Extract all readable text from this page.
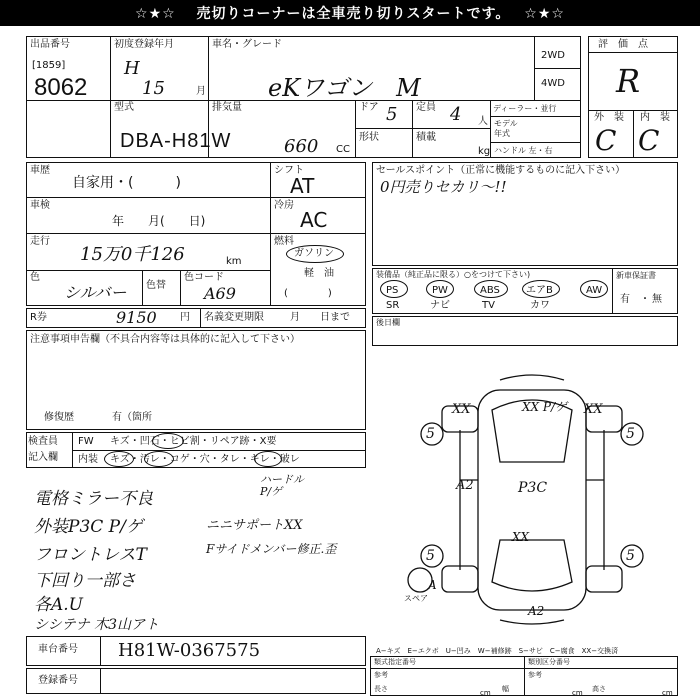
☆★☆　 売切りコーナーは全車売り切りスタートです。　 ☆★☆
出品番号
[1859]
8062
初度登録年月
H
15	月
車名・グレード
eKワゴン　M
2WD
4WD
評　価　点
R
外　装 内　装
C C
型式
DBA-H81W
排気量
660 CC
ドア 5
形状
定員 4 人
積載
kg
ディーラー・並行
モデル
年式
ハンドル 左・右
車歴
自家用・(　　　)
車検
年　　月(　　日)
走行
15万0千126	km
色
シルバー 色替
色コード
A69
シフト
AT
冷房
AC
燃料
ガソリン
軽　油
(　　　　)
R券	9150 円 名義変更期限	月　　日まで
セールスポイント（正常に機能するものに記入下さい）
0円売りセカリ〜!!
装備品（純正品に限る）○をつけて下さい)
PS	PW	ABS	エアB	AW
SR	ナビ	TV	カワ
新車保証書
有 ・ 無
後日欄
注意事項申告欄（不具合内容等は具体的に記入して下さい）
修復歴	有（箇所
検査員
記入欄
FW キズ・凹石・ヒビ割・リペア跡・X要
内装 キズ・汚レ・コゲ・穴・タレ・キレ・破レ
電格ミラー不良
外装P3C P/ゲ
フロントレスT
下回り一部さ
各A.U
シシテナ 木3山アト
ハードル
P/ゲ
ニニサポートXX
Fサイドメンバー修正.歪
XX	XX P/ゲ XX
5	5
A2	P3C
5	5
A
A2
XX
スペア
A−キズ　E−エクボ　U−凹み　W−補修跡　S−サビ　C−腐食　XX−交換済
車台番号 H81W-0367575
登録番号
類式指定番号	類別区分番号
参考	参考
長さ	cm 幅	cm 高さ	cm
